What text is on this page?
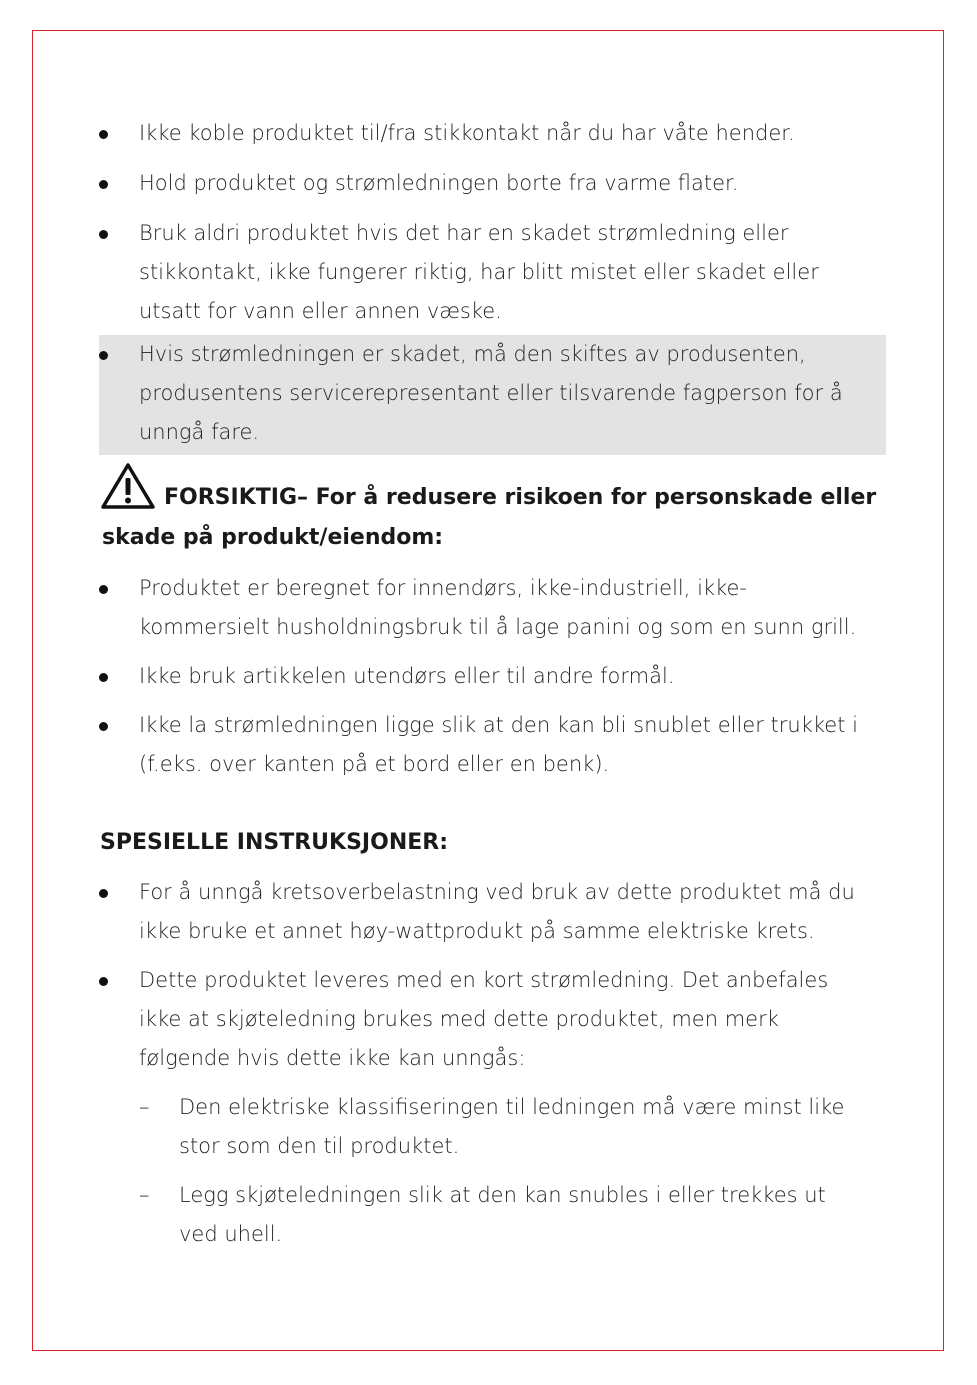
Ikke koble produktet til/fra stikkontakt når du har våte hender.
Hold produktet og strømledningen borte fra varme flater.
Bruk aldri produktet hvis det har en skadet strømledning eller
stikkontakt, ikke fungerer riktig, har blitt mistet eller skadet eller
utsatt for vann eller annen væske.
Hvis strømledningen er skadet, må den skiftes av produsenten,
produsentens servicerepresentant eller tilsvarende fagperson for å
unngå fare.
FORSIKTIG– For å redusere risikoen for personskade eller
skade på produkt/eiendom:
Produktet er beregnet for innendørs, ikke-industriell, ikke-
kommersielt husholdningsbruk til å lage panini og som en sunn grill.
Ikke bruk artikkelen utendørs eller til andre formål.
Ikke la strømledningen ligge slik at den kan bli snublet eller trukket i
(f.eks. over kanten på et bord eller en benk).
SPESIELLE INSTRUKSJONER:
For å unngå kretsoverbelastning ved bruk av dette produktet må du
ikke bruke et annet høy-wattprodukt på samme elektriske krets.
Dette produktet leveres med en kort strømledning. Det anbefales
ikke at skjøteledning brukes med dette produktet, men merk
følgende hvis dette ikke kan unngås:
– Den elektriske klassifiseringen til ledningen må være minst like
stor som den til produktet.
– Legg skjøteledningen slik at den kan snubles i eller trekkes ut
ved uhell.
